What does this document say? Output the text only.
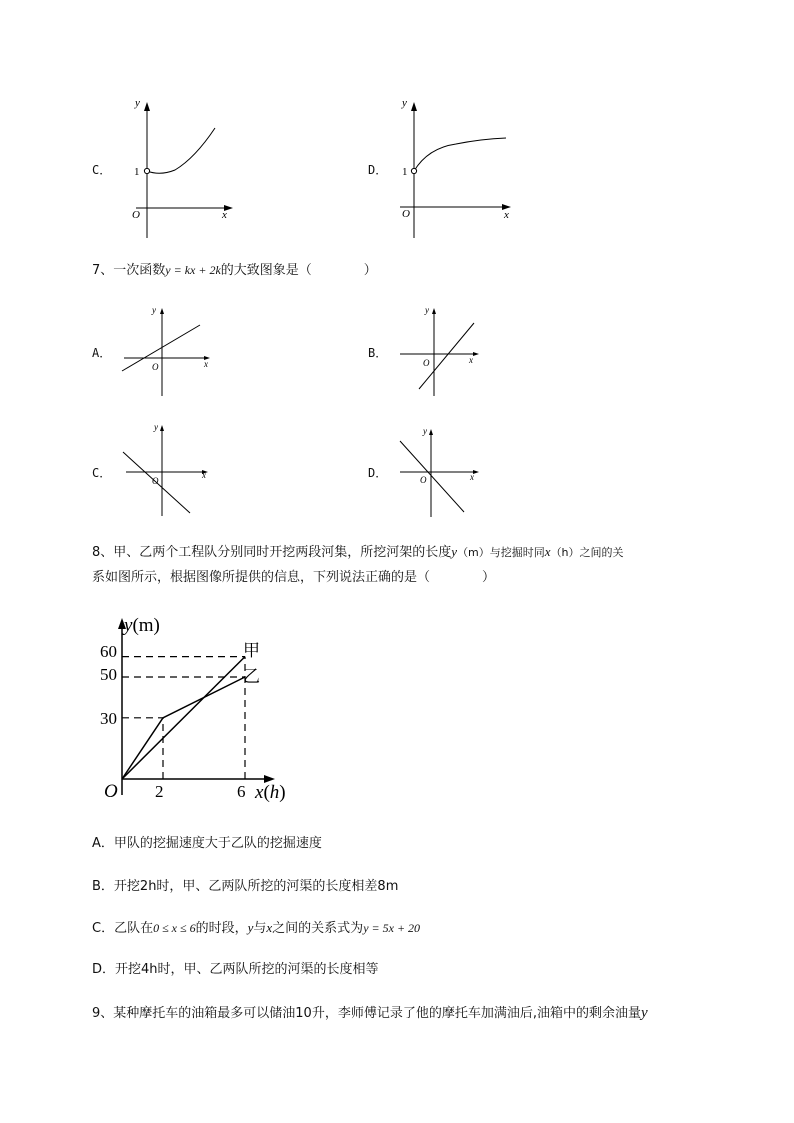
C．
y
1
O	x
D．
y
1
O	x
7、一次函数y = kx + 2k的大致图象是（　　　　）
A．
y
O	x
B．
y
O	x
C．
y
O
x	D．
y
O	x
8、甲、乙两个工程队分别同时开挖两段河集，所挖河架的长度y（m）与挖掘时同x（h）之间的关
系如图所示，根据图像所提供的信息，下列说法正确的是（　　　　）
y(m)
x(h)
O
60
50
30
2	6
甲
乙
A．甲队的挖掘速度大于乙队的挖掘速度
B．开挖2h时，甲、乙两队所挖的河渠的长度相差8m
C．乙队在0 ≤ x ≤ 6的时段，y与x之间的关系式为y = 5x + 20
D．开挖4h时，甲、乙两队所挖的河渠的长度相等
9、某种摩托车的油箱最多可以储油10升，李师傅记录了他的摩托车加满油后,油箱中的剩余油量y
